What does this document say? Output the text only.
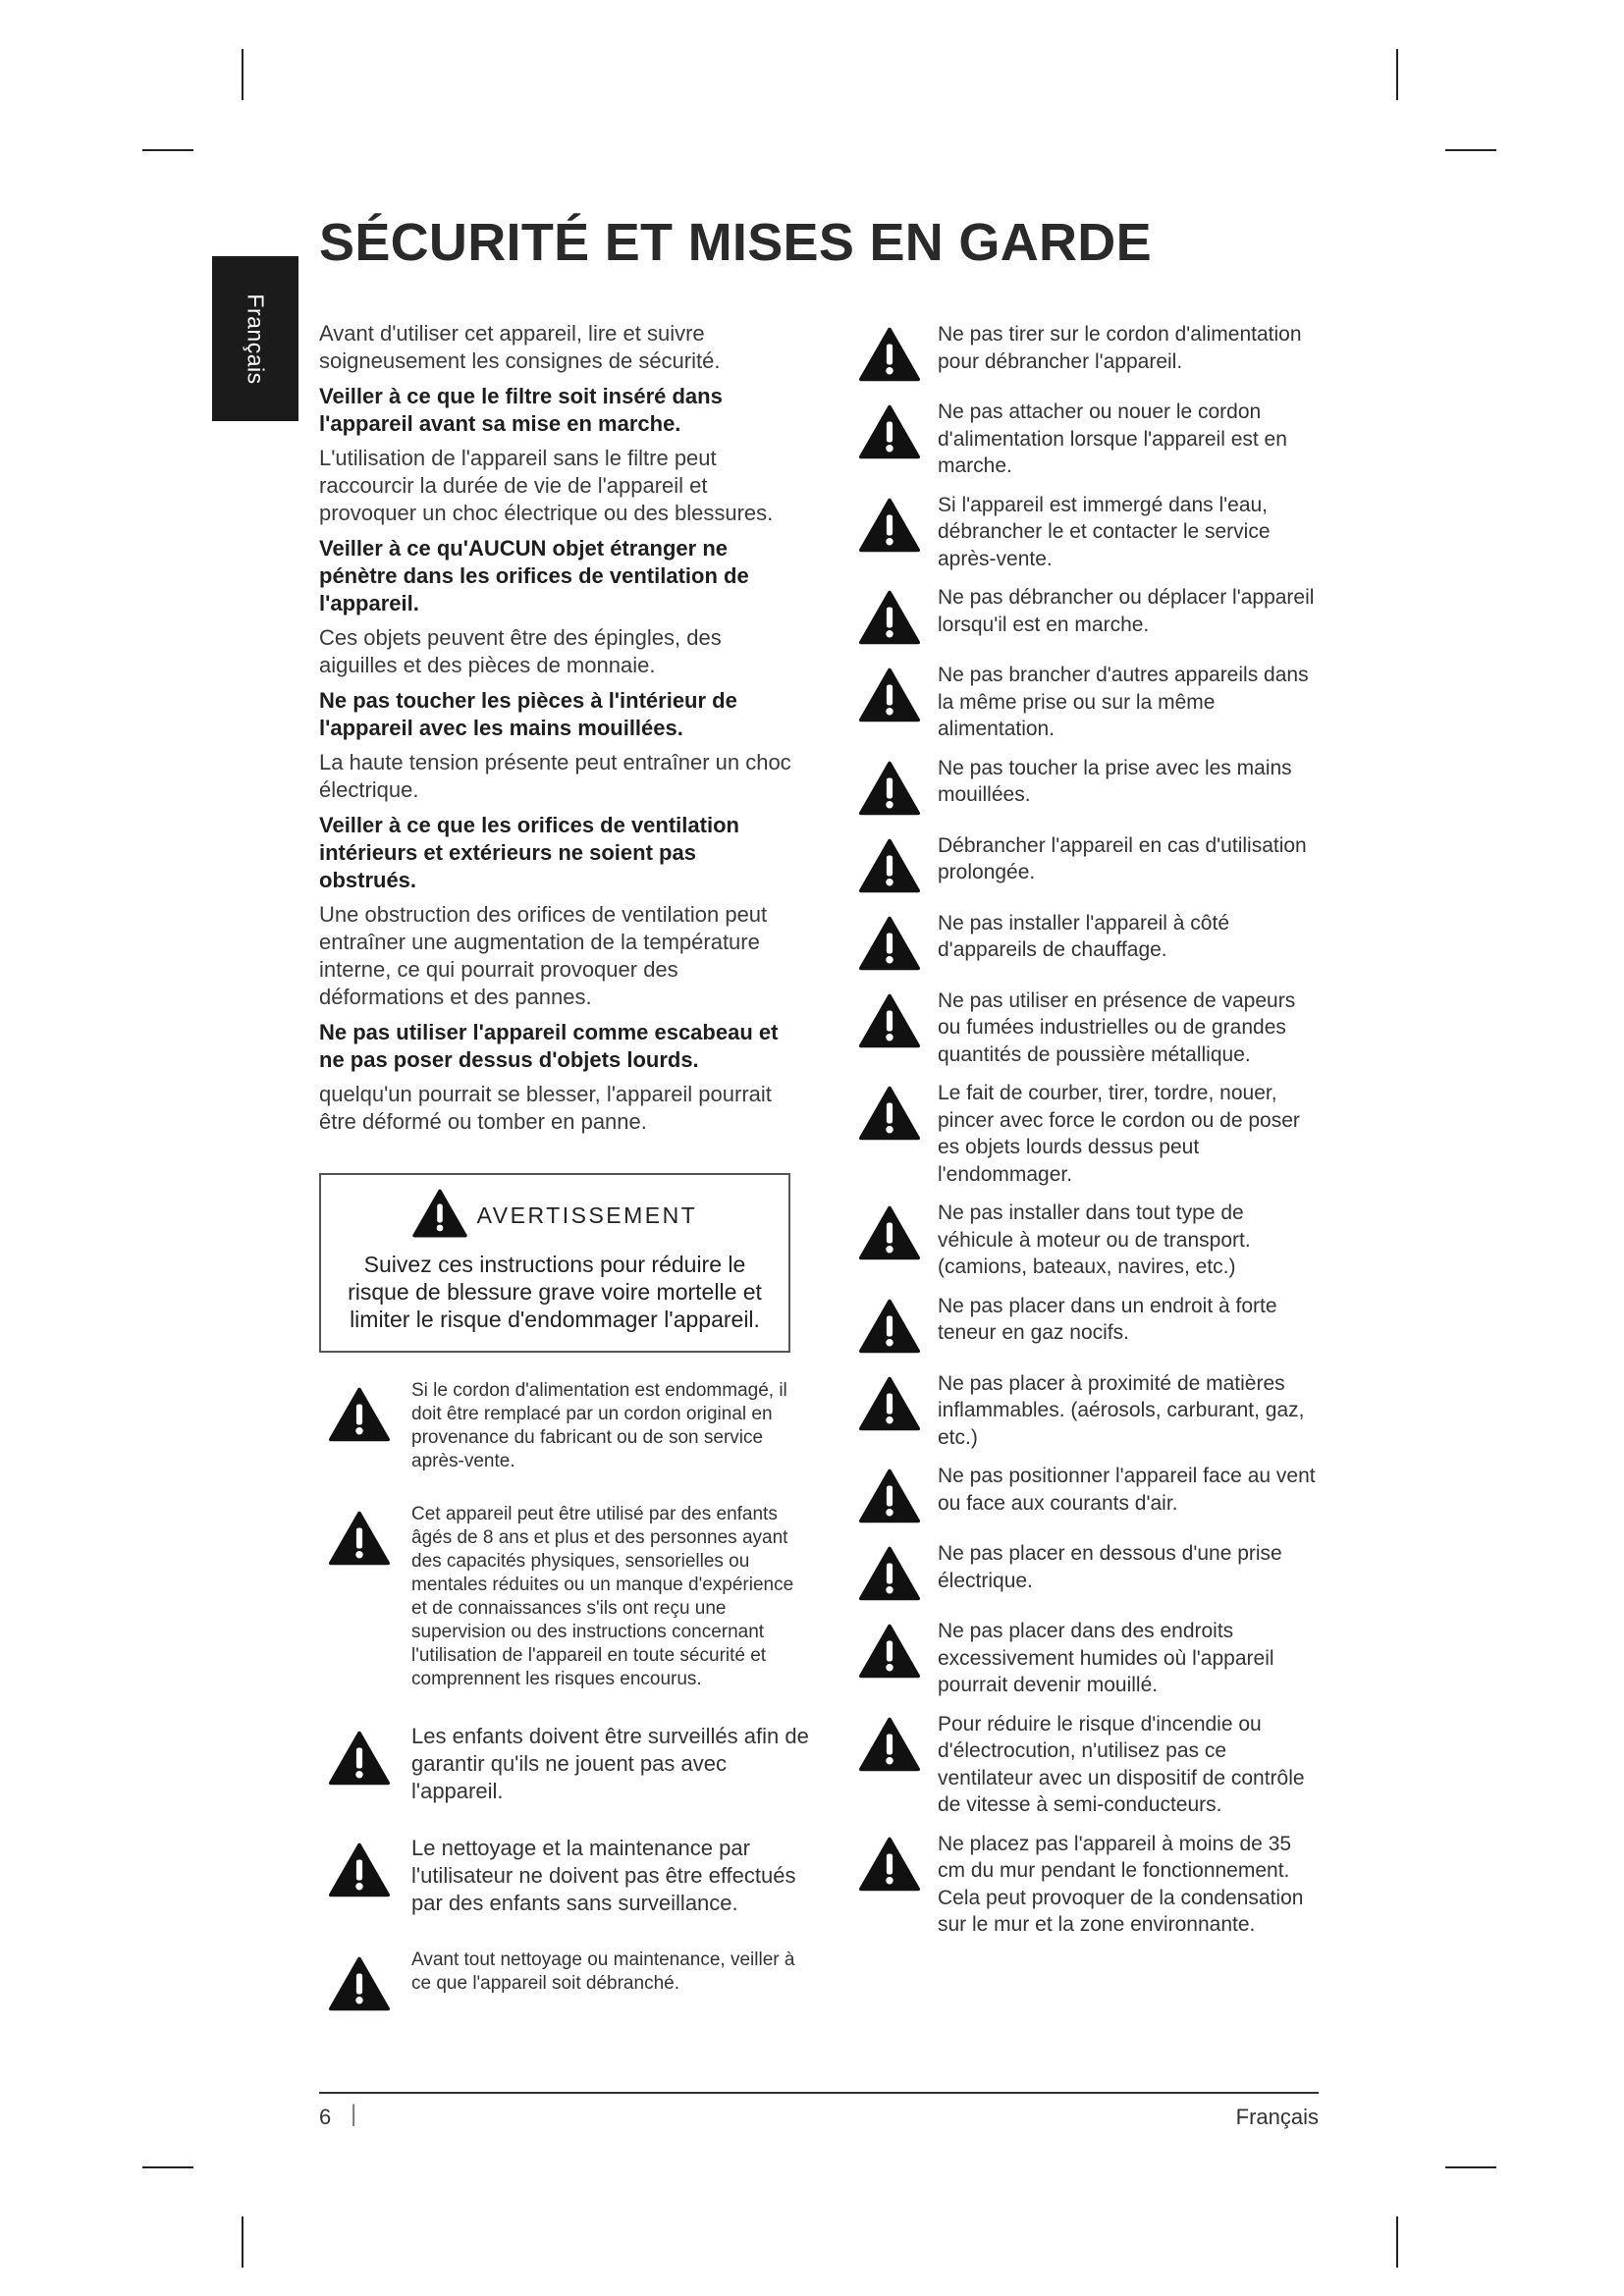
Français
SÉCURITÉ ET MISES EN GARDE

Avant d'utiliser cet appareil, lire et suivre soigneusement les consignes de sécurité.

Veiller à ce que le filtre soit inséré dans l'appareil avant sa mise en marche.

L'utilisation de l'appareil sans le filtre peut raccourcir la durée de vie de l'appareil et provoquer un choc électrique ou des blessures.

Veiller à ce qu'AUCUN objet étranger ne pénètre dans les orifices de ventilation de l'appareil.

Ces objets peuvent être des épingles, des aiguilles et des pièces de monnaie.

Ne pas toucher les pièces à l'intérieur de l'appareil avec les mains mouillées.

La haute tension présente peut entraîner un choc électrique.

Veiller à ce que les orifices de ventilation intérieurs et extérieurs ne soient pas obstrués.

Une obstruction des orifices de ventilation peut entraîner une augmentation de la température interne, ce qui pourrait provoquer des déformations et des pannes.

Ne pas utiliser l'appareil comme escabeau et ne pas poser dessus d'objets lourds.

quelqu'un pourrait se blesser, l'appareil pourrait être déformé ou tomber en panne.

AVERTISSEMENT
Suivez ces instructions pour réduire le risque de blessure grave voire mortelle et limiter le risque d'endommager l'appareil.
Si le cordon d'alimentation est endommagé, il doit être remplacé par un cordon original en provenance du fabricant ou de son service après-vente.
Cet appareil peut être utilisé par des enfants âgés de 8 ans et plus et des personnes ayant des capacités physiques, sensorielles ou mentales réduites ou un manque d'expérience et de connaissances s'ils ont reçu une supervision ou des instructions concernant l'utilisation de l'appareil en toute sécurité et comprennent les risques encourus.
Les enfants doivent être surveillés afin de garantir qu'ils ne jouent pas avec l'appareil.
Le nettoyage et la maintenance par l'utilisateur ne doivent pas être effectués par des enfants sans surveillance.
Avant tout nettoyage ou maintenance, veiller à ce que l'appareil soit débranché.
Ne pas tirer sur le cordon d'alimentation pour débrancher l'appareil.
Ne pas attacher ou nouer le cordon d'alimentation lorsque l'appareil est en marche.
Si l'appareil est immergé dans l'eau, débrancher le et contacter le service après-vente.
Ne pas débrancher ou déplacer l'appareil lorsqu'il est en marche.
Ne pas brancher d'autres appareils dans la même prise ou sur la même alimentation.
Ne pas toucher la prise avec les mains mouillées.
Débrancher l'appareil en cas d'utilisation prolongée.
Ne pas installer l'appareil à côté d'appareils de chauffage.
Ne pas utiliser en présence de vapeurs ou fumées industrielles ou de grandes quantités de poussière métallique.
Le fait de courber, tirer, tordre, nouer, pincer avec force le cordon ou de poser es objets lourds dessus peut l'endommager.
Ne pas installer dans tout type de véhicule à moteur ou de transport. (camions, bateaux, navires, etc.)
Ne pas placer dans un endroit à forte teneur en gaz nocifs.
Ne pas placer à proximité de matières inflammables. (aérosols, carburant, gaz, etc.)
Ne pas positionner l'appareil face au vent ou face aux courants d'air.
Ne pas placer en dessous d'une prise électrique.
Ne pas placer dans des endroits excessivement humides où l'appareil pourrait devenir mouillé.
Pour réduire le risque d'incendie ou d'électrocution, n'utilisez pas ce ventilateur avec un dispositif de contrôle de vitesse à semi-conducteurs.
Ne placez pas l'appareil à moins de 35 cm du mur pendant le fonctionnement. Cela peut provoquer de la condensation sur le mur et la zone environnante.
6 |	Français
